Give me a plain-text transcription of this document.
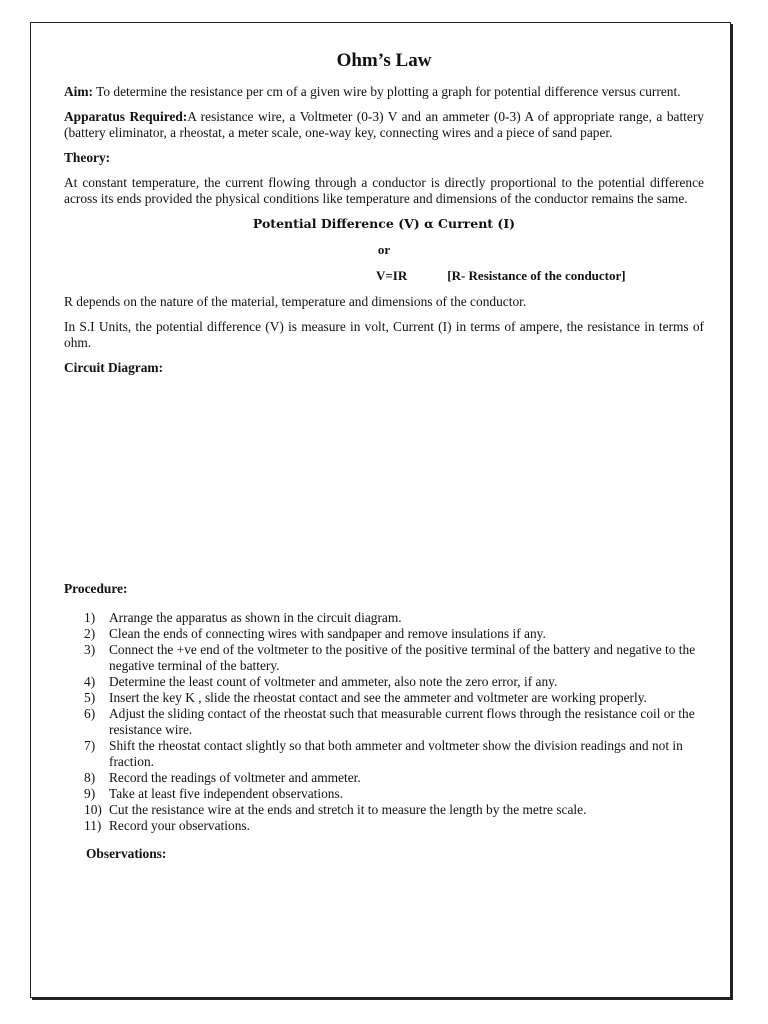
Ohm’s Law

Aim: To determine the resistance per cm of a given wire by plotting a graph for potential difference versus current.

Apparatus Required:A resistance wire, a Voltmeter (0-3) V and an ammeter (0-3) A of appropriate range, a battery (battery eliminator, a rheostat, a meter scale, one-way key, connecting wires and a piece of sand paper.

Theory:

At constant temperature, the current flowing through a conductor is directly proportional to the potential difference across its ends provided the physical conditions like temperature and dimensions of the conductor remains the same.

Potential Difference (V) α Current (I)
or
V=IR	[R- Resistance of the conductor]

R depends on the nature of the material, temperature and dimensions of the conductor.

In S.I Units, the potential difference (V) is measure in volt, Current (I) in terms of ampere, the resistance in terms of ohm.

Circuit Diagram:
Procedure:
1)	Arrange the apparatus as shown in the circuit diagram.
2)	Clean the ends of connecting wires with sandpaper and remove insulations if any.
3)	Connect the +ve end of the voltmeter to the positive of the positive terminal of the battery and negative to the negative terminal of the battery.
4)	Determine the least count of voltmeter and ammeter, also note the zero error, if any.
5)	Insert the key K , slide the rheostat contact and see the ammeter and voltmeter are working properly.
6)	Adjust the sliding contact of the rheostat such that measurable current flows through the resistance coil or the resistance wire.
7)	Shift the rheostat contact slightly so that both ammeter and voltmeter show the division readings and not in fraction.
8)	Record the readings of voltmeter and ammeter.
9)	Take at least five independent observations.
10) Cut the resistance wire at the ends and stretch it to measure the length by the metre scale.
11) Record your observations.
Observations:
